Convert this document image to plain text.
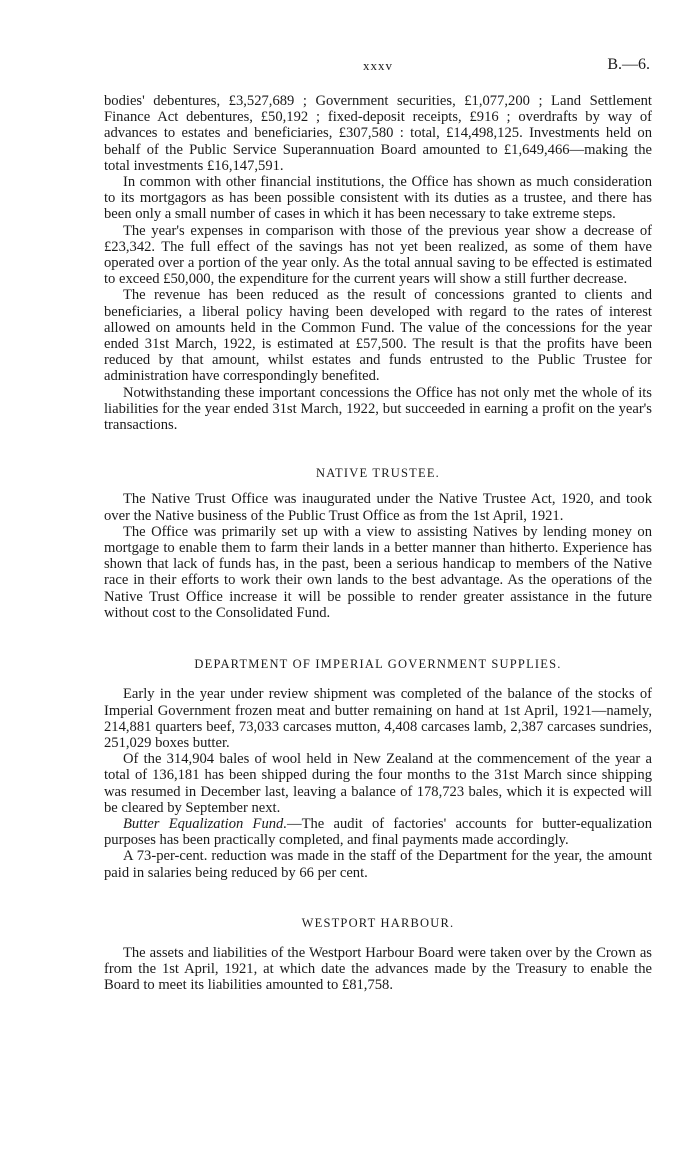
xxxv	B.—6.

bodies' debentures, £3,527,689 ; Government securities, £1,077,200 ; Land Settlement Finance Act debentures, £50,192 ; fixed-deposit receipts, £916 ; overdrafts by way of advances to estates and beneficiaries, £307,580 : total, £14,498,125. Investments held on behalf of the Public Service Superannuation Board amounted to £1,649,466—making the total investments £16,147,591.

In common with other financial institutions, the Office has shown as much consideration to its mortgagors as has been possible consistent with its duties as a trustee, and there has been only a small number of cases in which it has been necessary to take extreme steps.

The year's expenses in comparison with those of the previous year show a decrease of £23,342. The full effect of the savings has not yet been realized, as some of them have operated over a portion of the year only. As the total annual saving to be effected is estimated to exceed £50,000, the expenditure for the current years will show a still further decrease.

The revenue has been reduced as the result of concessions granted to clients and beneficiaries, a liberal policy having been developed with regard to the rates of interest allowed on amounts held in the Common Fund. The value of the concessions for the year ended 31st March, 1922, is estimated at £57,500. The result is that the profits have been reduced by that amount, whilst estates and funds entrusted to the Public Trustee for administration have correspondingly benefited.

Notwithstanding these important concessions the Office has not only met the whole of its liabilities for the year ended 31st March, 1922, but succeeded in earning a profit on the year's transactions.

NATIVE TRUSTEE.

The Native Trust Office was inaugurated under the Native Trustee Act, 1920, and took over the Native business of the Public Trust Office as from the 1st April, 1921.

The Office was primarily set up with a view to assisting Natives by lending money on mortgage to enable them to farm their lands in a better manner than hitherto. Experience has shown that lack of funds has, in the past, been a serious handicap to members of the Native race in their efforts to work their own lands to the best advantage. As the operations of the Native Trust Office increase it will be possible to render greater assistance in the future without cost to the Consolidated Fund.

DEPARTMENT OF IMPERIAL GOVERNMENT SUPPLIES.

Early in the year under review shipment was completed of the balance of the stocks of Imperial Government frozen meat and butter remaining on hand at 1st April, 1921—namely, 214,881 quarters beef, 73,033 carcases mutton, 4,408 carcases lamb, 2,387 carcases sundries, 251,029 boxes butter.

Of the 314,904 bales of wool held in New Zealand at the commencement of the year a total of 136,181 has been shipped during the four months to the 31st March since shipping was resumed in December last, leaving a balance of 178,723 bales, which it is expected will be cleared by September next.

Butter Equalization Fund.—The audit of factories' accounts for butter-equalization purposes has been practically completed, and final payments made accordingly.

A 73-per-cent. reduction was made in the staff of the Department for the year, the amount paid in salaries being reduced by 66 per cent.

WESTPORT HARBOUR.

The assets and liabilities of the Westport Harbour Board were taken over by the Crown as from the 1st April, 1921, at which date the advances made by the Treasury to enable the Board to meet its liabilities amounted to £81,758.
